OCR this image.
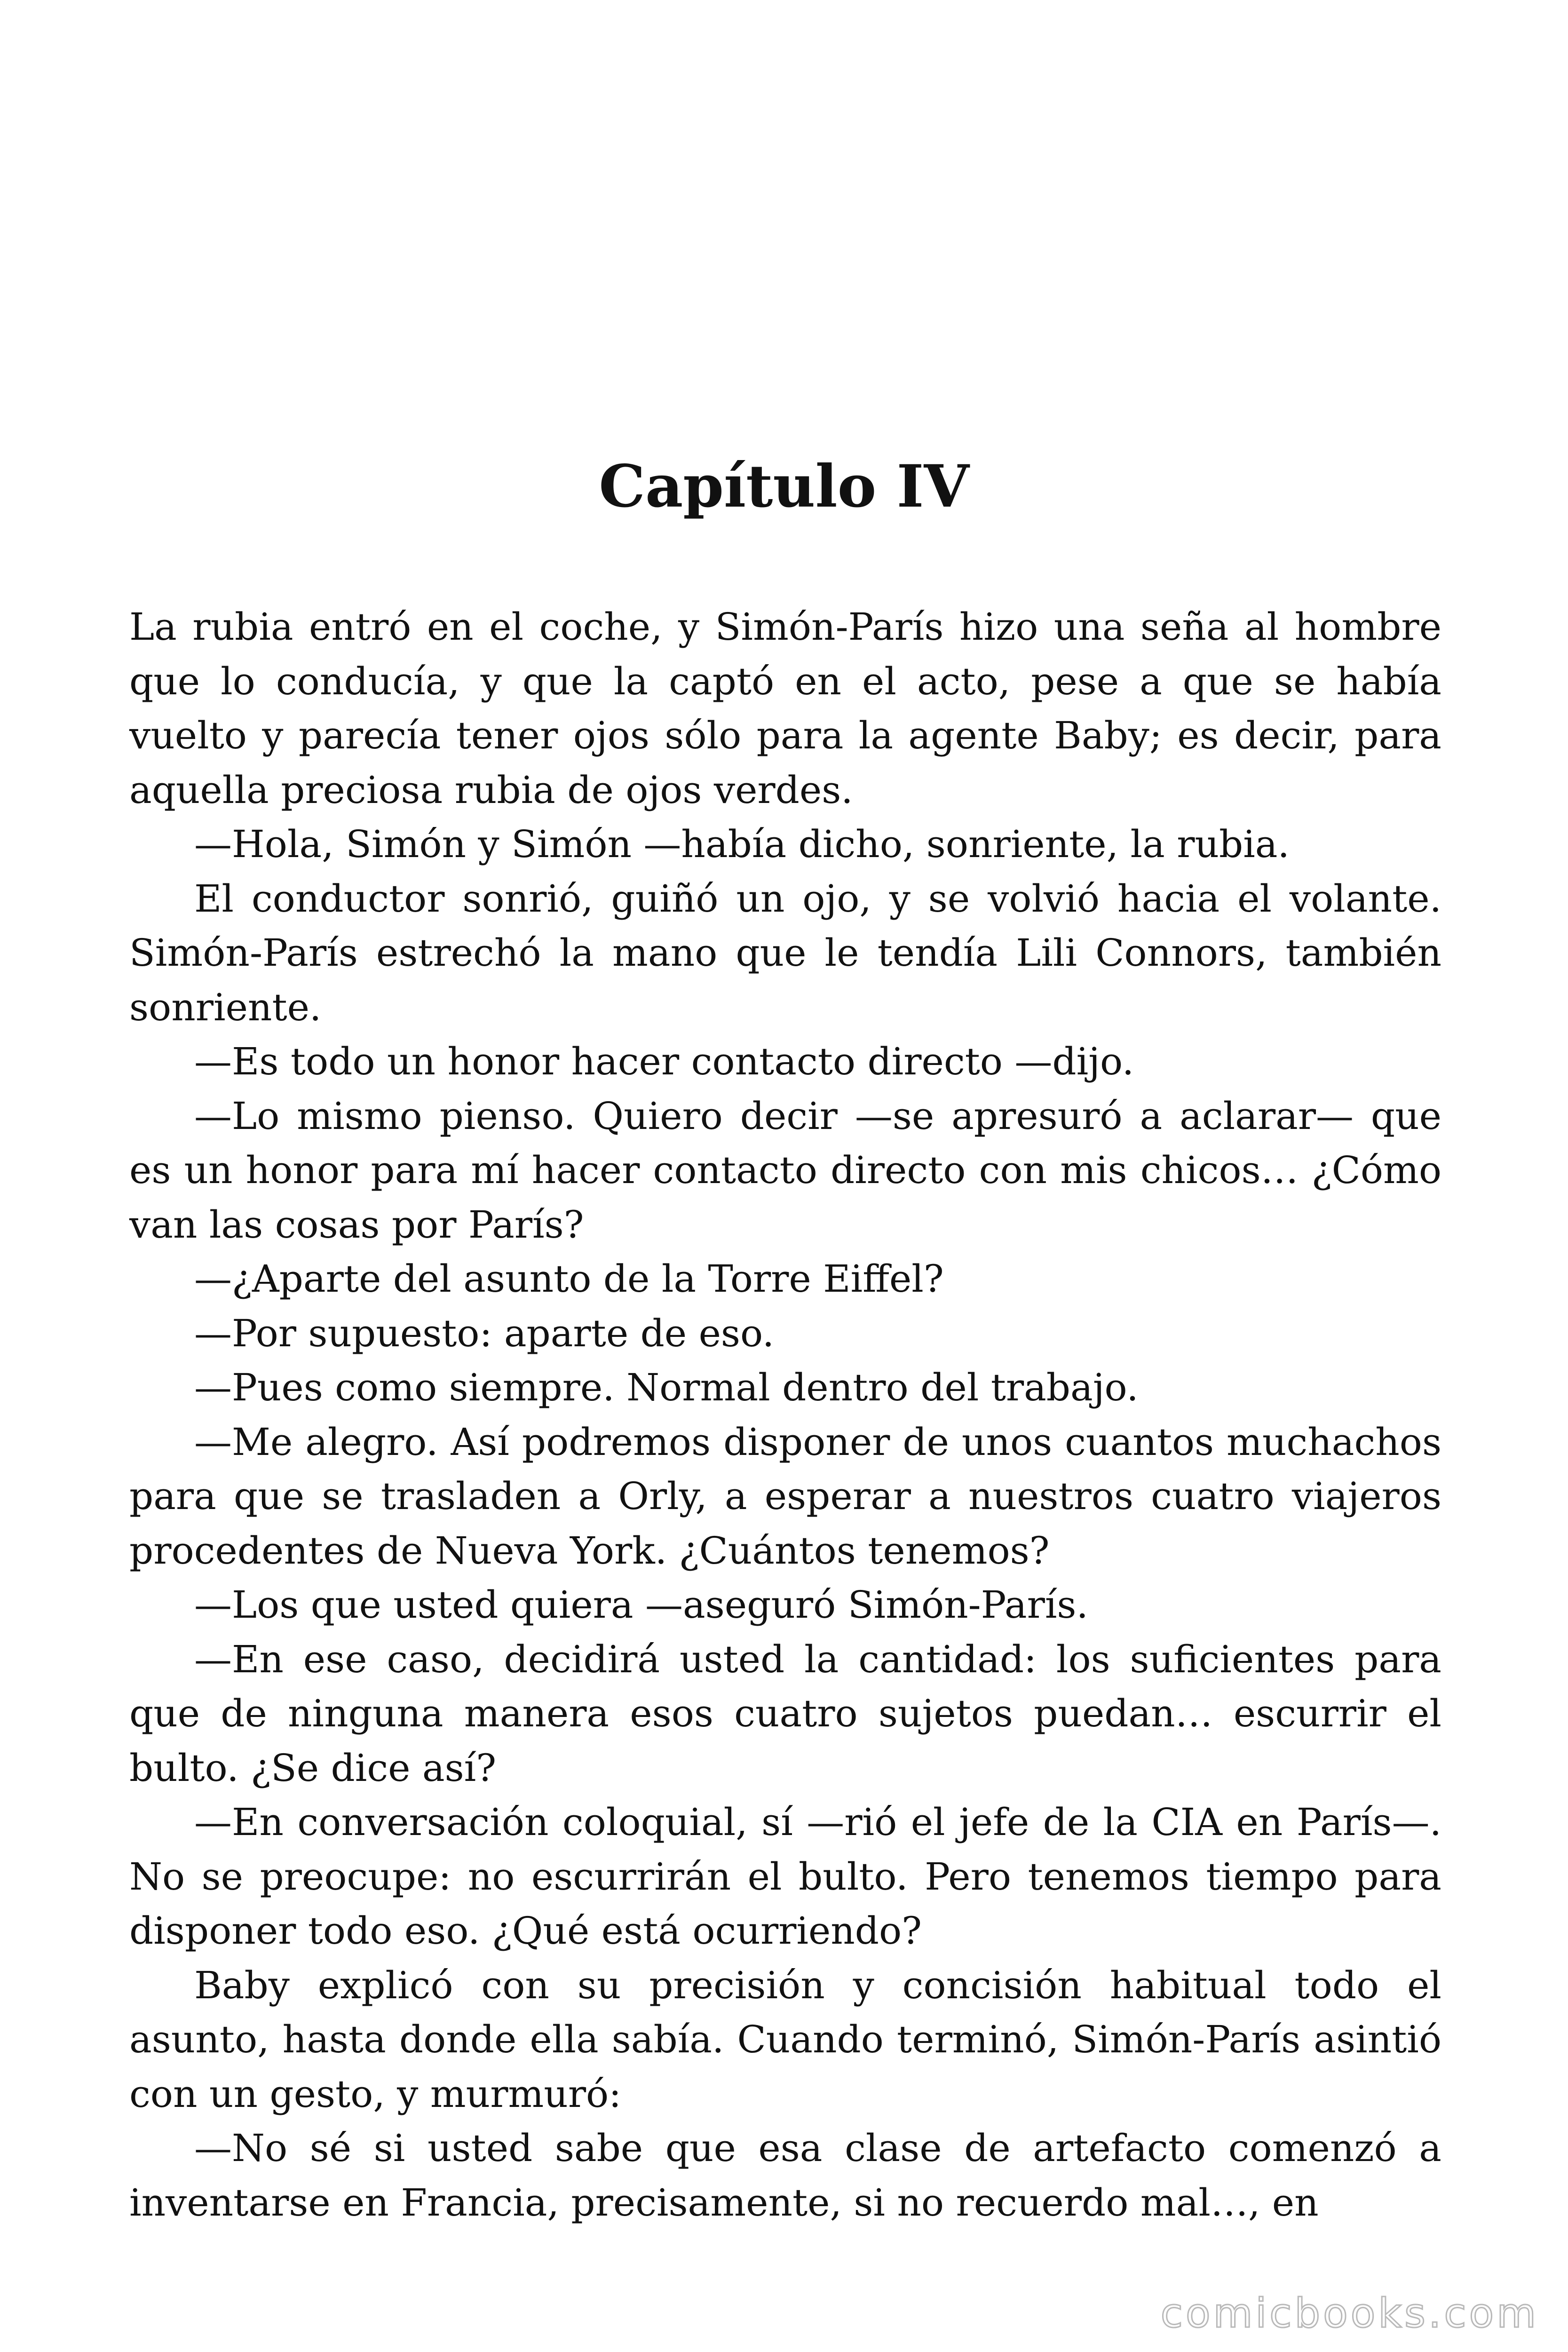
Capítulo IV

La rubia entró en el coche, y Simón-París hizo una seña al hombre que lo conducía, y que la captó en el acto, pese a que se había vuelto y parecía tener ojos sólo para la agente Baby; es decir, para aquella preciosa rubia de ojos verdes.

—Hola, Simón y Simón —había dicho, sonriente, la rubia.

El conductor sonrió, guiñó un ojo, y se volvió hacia el volante. Simón-París estrechó la mano que le tendía Lili Connors, también sonriente.

—Es todo un honor hacer contacto directo —dijo.

—Lo mismo pienso. Quiero decir —se apresuró a aclarar— que es un honor para mí hacer contacto directo con mis chicos… ¿Cómo van las cosas por París?

—¿Aparte del asunto de la Torre Eiffel?

—Por supuesto: aparte de eso.

—Pues como siempre. Normal dentro del trabajo.

—Me alegro. Así podremos disponer de unos cuantos muchachos para que se trasladen a Orly, a esperar a nuestros cuatro viajeros procedentes de Nueva York. ¿Cuántos tenemos?

—Los que usted quiera —aseguró Simón-París.

—En ese caso, decidirá usted la cantidad: los suficientes para que de ninguna manera esos cuatro sujetos puedan… escurrir el bulto. ¿Se dice así?

—En conversación coloquial, sí —rió el jefe de la CIA en París—. No se preocupe: no escurrirán el bulto. Pero tenemos tiempo para disponer todo eso. ¿Qué está ocurriendo?

Baby explicó con su precisión y concisión habitual todo el asunto, hasta donde ella sabía. Cuando terminó, Simón-París asintió con un gesto, y murmuró:

—No sé si usted sabe que esa clase de artefacto comenzó a inventarse en Francia, precisamente, si no recuerdo mal…, en

comicbooks.com
